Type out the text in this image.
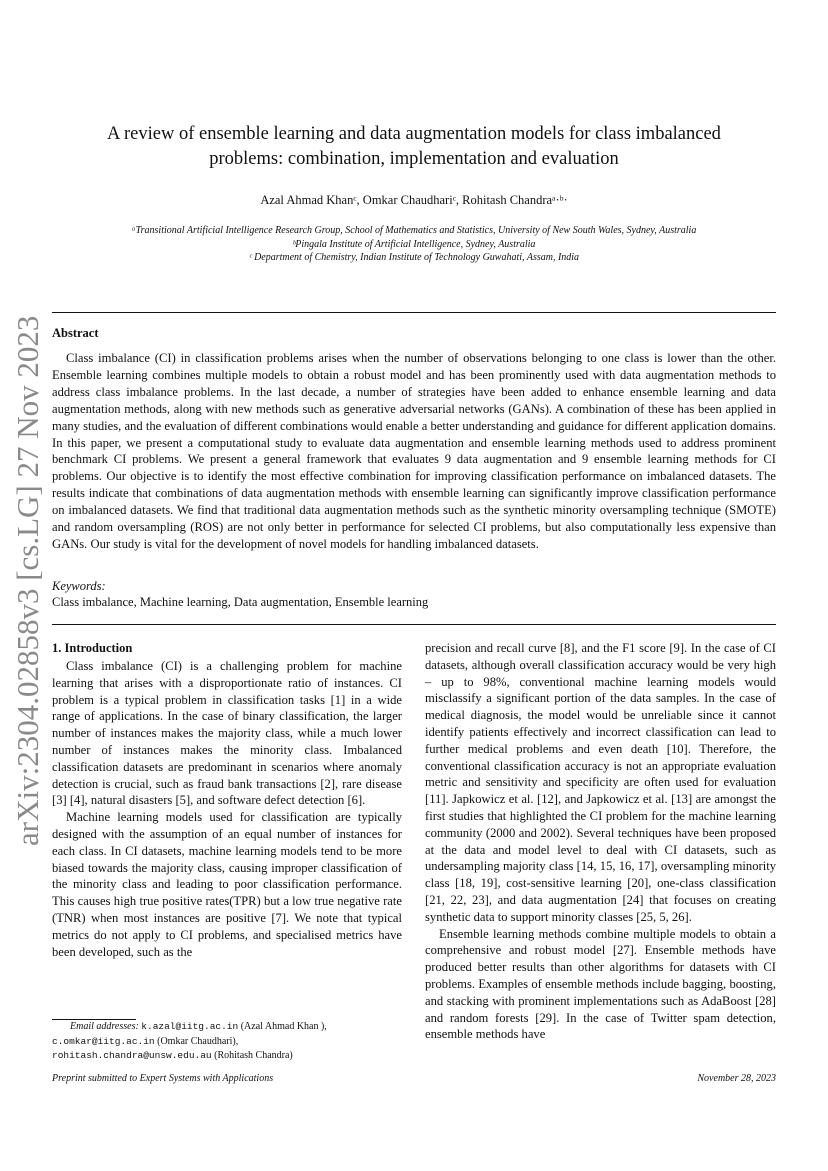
arXiv:2304.02858v3 [cs.LG] 27 Nov 2023
A review of ensemble learning and data augmentation models for class imbalanced
problems: combination, implementation and evaluation
Azal Ahmad Khanᶜ, Omkar Chaudhariᶜ, Rohitash Chandraᵃ·ᵇ·
ᵃTransitional Artificial Intelligence Research Group, School of Mathematics and Statistics, University of New South Wales, Sydney, Australia
ᵇPingala Institute of Artificial Intelligence, Sydney, Australia
ᶜ Department of Chemistry, Indian Institute of Technology Guwahati, Assam, India
Abstract
Class imbalance (CI) in classification problems arises when the number of observations belonging to one class is lower than the other. Ensemble learning combines multiple models to obtain a robust model and has been prominently used with data augmentation methods to address class imbalance problems. In the last decade, a number of strategies have been added to enhance ensemble learning and data augmentation methods, along with new methods such as generative adversarial networks (GANs). A combination of these has been applied in many studies, and the evaluation of different combinations would enable a better understanding and guidance for different application domains. In this paper, we present a computational study to evaluate data augmentation and ensemble learning methods used to address prominent benchmark CI problems. We present a general framework that evaluates 9 data augmentation and 9 ensemble learning methods for CI problems. Our objective is to identify the most effective combination for improving classification performance on imbalanced datasets. The results indicate that combinations of data augmentation methods with ensemble learning can significantly improve classification performance on imbalanced datasets. We find that traditional data augmentation methods such as the synthetic minority oversampling technique (SMOTE) and random oversampling (ROS) are not only better in performance for selected CI problems, but also computationally less expensive than GANs. Our study is vital for the development of novel models for handling imbalanced datasets.
Keywords:
Class imbalance, Machine learning, Data augmentation, Ensemble learning
1. Introduction

Class imbalance (CI) is a challenging problem for machine learning that arises with a disproportionate ratio of instances. CI problem is a typical problem in classification tasks [1] in a wide range of applications. In the case of binary classification, the larger number of instances makes the majority class, while a much lower number of instances makes the minority class. Imbalanced classification datasets are predominant in scenarios where anomaly detection is crucial, such as fraud bank transactions [2], rare disease [3] [4], natural disasters [5], and software defect detection [6].

Machine learning models used for classification are typically designed with the assumption of an equal number of instances for each class. In CI datasets, machine learning models tend to be more biased towards the majority class, causing improper classification of the minority class and leading to poor classification performance. This causes high true positive rates(TPR) but a low true negative rate (TNR) when most instances are positive [7]. We note that typical metrics do not apply to CI problems, and specialised metrics have been developed, such as the

precision and recall curve [8], and the F1 score [9]. In the case of CI datasets, although overall classification accuracy would be very high – up to 98%, conventional machine learning models would misclassify a significant portion of the data samples. In the case of medical diagnosis, the model would be unreliable since it cannot identify patients effectively and incorrect classification can lead to further medical problems and even death [10]. Therefore, the conventional classification accuracy is not an appropriate evaluation metric and sensitivity and specificity are often used for evaluation [11]. Japkowicz et al. [12], and Japkowicz et al. [13] are amongst the first studies that highlighted the CI problem for the machine learning community (2000 and 2002). Several techniques have been proposed at the data and model level to deal with CI datasets, such as undersampling majority class [14, 15, 16, 17], oversampling minority class [18, 19], cost-sensitive learning [20], one-class classification [21, 22, 23], and data augmentation [24] that focuses on creating synthetic data to support minority classes [25, 5, 26].

Ensemble learning methods combine multiple models to obtain a comprehensive and robust model [27]. Ensemble methods have produced better results than other algorithms for datasets with CI problems. Examples of ensemble methods include bagging, boosting, and stacking with prominent implementations such as AdaBoost [28] and random forests [29]. In the case of Twitter spam detection, ensemble methods have

Email addresses: k.azal@iitg.ac.in (Azal Ahmad Khan ),
c.omkar@iitg.ac.in (Omkar Chaudhari),
rohitash.chandra@unsw.edu.au (Rohitash Chandra)
Preprint submitted to Expert Systems with Applications	November 28, 2023
